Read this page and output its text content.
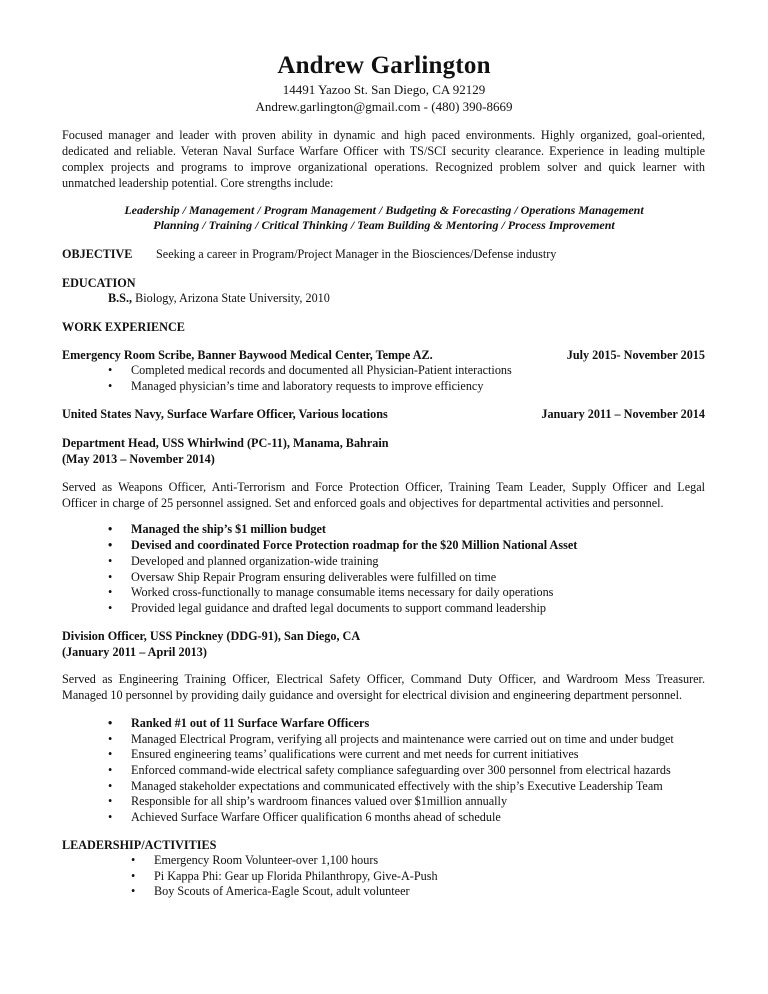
Andrew Garlington
14491 Yazoo St. San Diego, CA 92129
Andrew.garlington@gmail.com - (480) 390-8669
Focused manager and leader with proven ability in dynamic and high paced environments. Highly organized, goal-oriented,
dedicated and reliable. Veteran Naval Surface Warfare Officer with TS/SCI security clearance. Experience in leading multiple
complex projects and programs to improve organizational operations. Recognized problem solver and quick learner with
unmatched leadership potential. Core strengths include:
Leadership / Management / Program Management / Budgeting & Forecasting / Operations Management
Planning / Training / Critical Thinking / Team Building & Mentoring / Process Improvement
OBJECTIVE Seeking a career in Program/Project Manager in the Biosciences/Defense industry
EDUCATION
B.S., Biology, Arizona State University, 2010
WORK EXPERIENCE
Emergency Room Scribe, Banner Baywood Medical Center, Tempe AZ.	July 2015- November 2015
• Completed medical records and documented all Physician-Patient interactions
• Managed physician’s time and laboratory requests to improve efficiency
United States Navy, Surface Warfare Officer, Various locations	January 2011 – November 2014
Department Head, USS Whirlwind (PC-11), Manama, Bahrain
(May 2013 – November 2014)
Served as Weapons Officer, Anti-Terrorism and Force Protection Officer, Training Team Leader, Supply Officer and Legal
Officer in charge of 25 personnel assigned. Set and enforced goals and objectives for departmental activities and personnel.
• Managed the ship’s $1 million budget
• Devised and coordinated Force Protection roadmap for the $20 Million National Asset
• Developed and planned organization-wide training
• Oversaw Ship Repair Program ensuring deliverables were fulfilled on time
• Worked cross-functionally to manage consumable items necessary for daily operations
• Provided legal guidance and drafted legal documents to support command leadership
Division Officer, USS Pinckney (DDG-91), San Diego, CA
(January 2011 – April 2013)
Served as Engineering Training Officer, Electrical Safety Officer, Command Duty Officer, and Wardroom Mess Treasurer.
Managed 10 personnel by providing daily guidance and oversight for electrical division and engineering department personnel.
• Ranked #1 out of 11 Surface Warfare Officers
• Managed Electrical Program, verifying all projects and maintenance were carried out on time and under budget
• Ensured engineering teams’ qualifications were current and met needs for current initiatives
• Enforced command-wide electrical safety compliance safeguarding over 300 personnel from electrical hazards
• Managed stakeholder expectations and communicated effectively with the ship’s Executive Leadership Team
• Responsible for all ship’s wardroom finances valued over $1million annually
• Achieved Surface Warfare Officer qualification 6 months ahead of schedule
LEADERSHIP/ACTIVITIES
• Emergency Room Volunteer-over 1,100 hours
• Pi Kappa Phi: Gear up Florida Philanthropy, Give-A-Push
• Boy Scouts of America-Eagle Scout, adult volunteer
